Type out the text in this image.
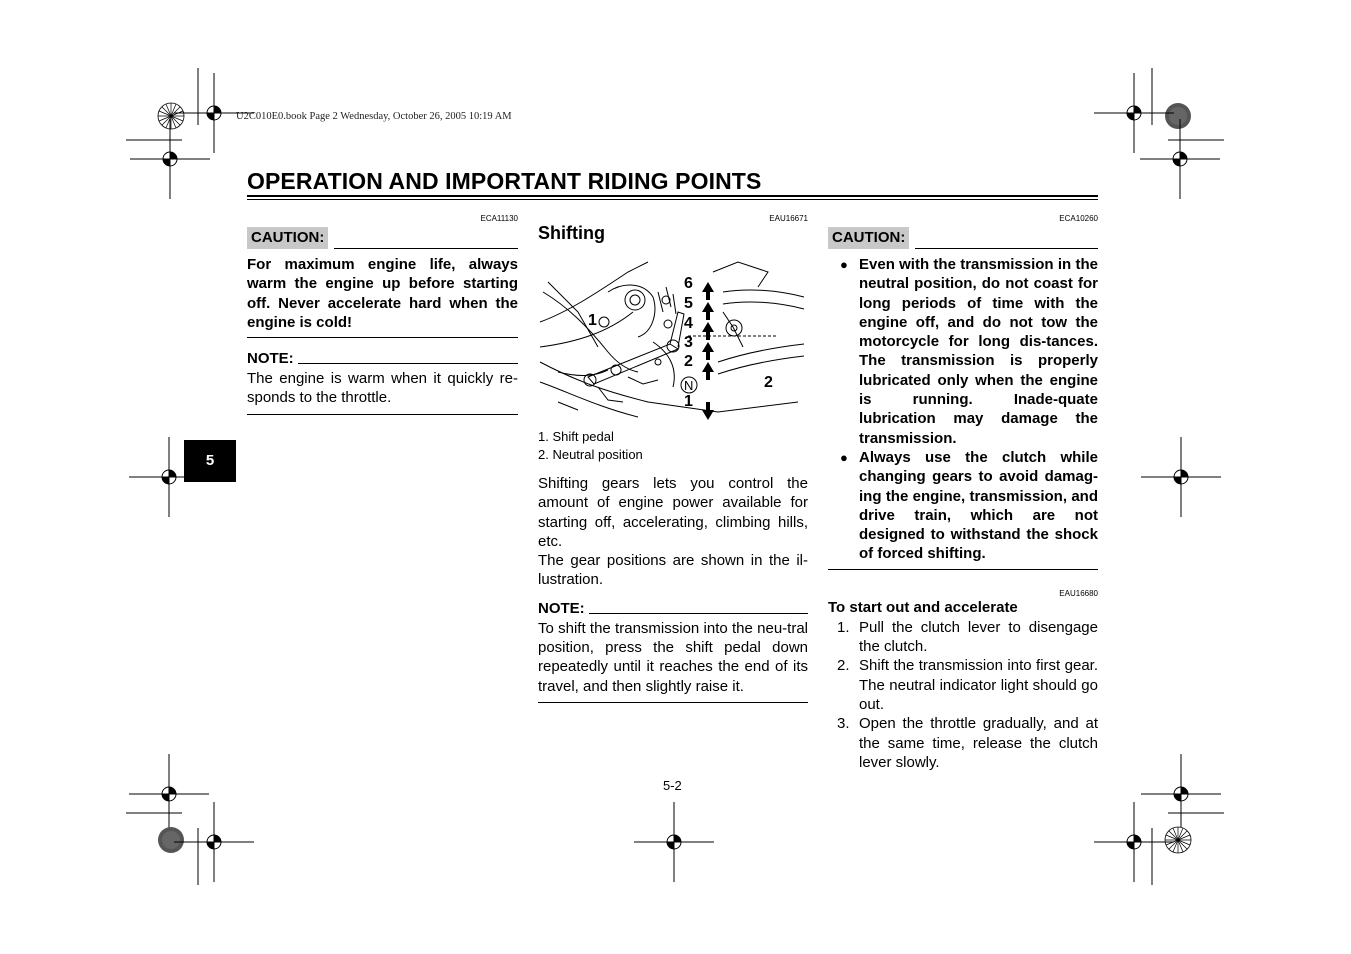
U2C010E0.book Page 2 Wednesday, October 26, 2005 10:19 AM
OPERATION AND IMPORTANT RIDING POINTS
5
ECA11130
CAUTION:
For maximum engine life, always warm the engine up before starting off. Never accelerate hard when the engine is cold!
NOTE:
The engine is warm when it quickly re-sponds to the throttle.
EAU16671
Shifting
6
5
4
3
2
1
1
2
N
1. Shift pedal
2. Neutral position
Shifting gears lets you control the amount of engine power available for starting off, accelerating, climbing hills, etc.
The gear positions are shown in the il-lustration.
NOTE:
To shift the transmission into the neu-tral position, press the shift pedal down repeatedly until it reaches the end of its travel, and then slightly raise it.
ECA10260
CAUTION:
● Even with the transmission in the neutral position, do not coast for long periods of time with the engine off, and do not tow the motorcycle for long dis-tances. The transmission is properly lubricated only when the engine is running. Inade-quate lubrication may damage the transmission.
● Always use the clutch while changing gears to avoid damag-ing the engine, transmission, and drive train, which are not designed to withstand the shock of forced shifting.
EAU16680
To start out and accelerate
1. Pull the clutch lever to disengage the clutch.
2. Shift the transmission into first gear. The neutral indicator light should go out.
3. Open the throttle gradually, and at the same time, release the clutch lever slowly.
5-2
